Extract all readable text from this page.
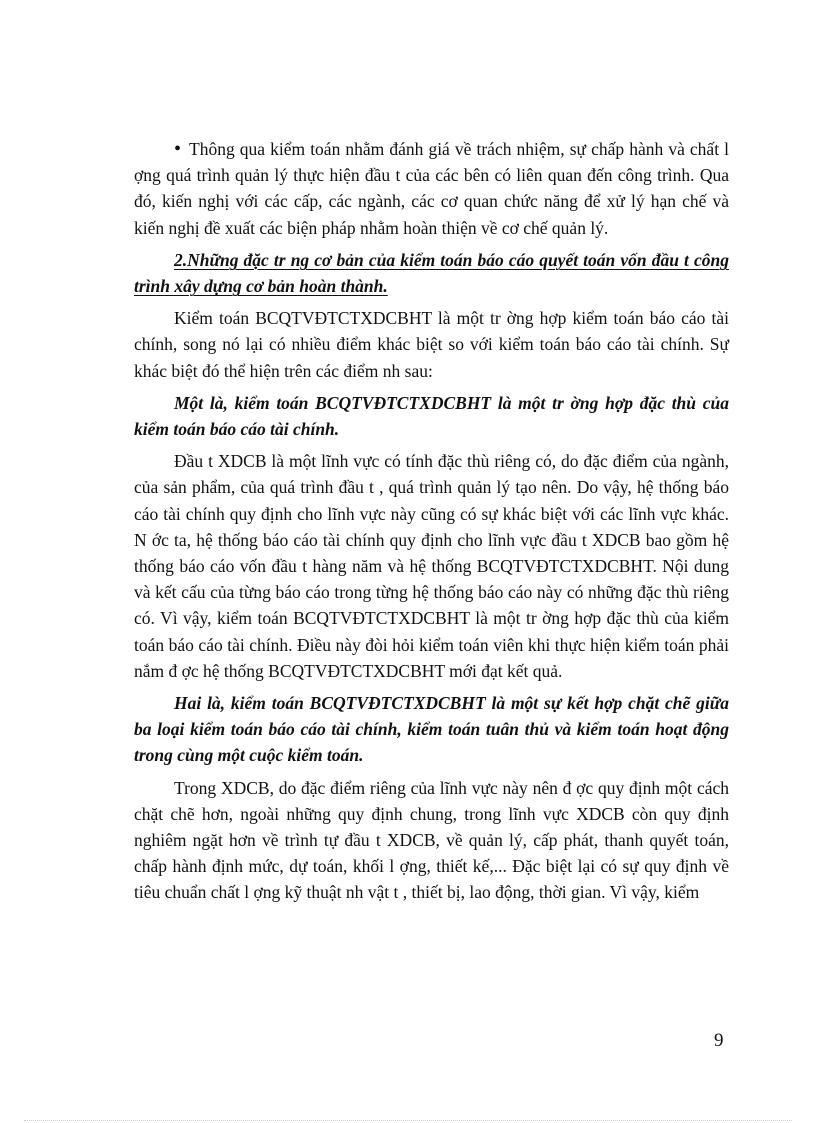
• Thông qua kiểm toán nhằm đánh giá về trách nhiệm, sự chấp hành và chất l ợng quá trình quản lý thực hiện đầu t của các bên có liên quan đến công trình. Qua đó, kiến nghị với các cấp, các ngành, các cơ quan chức năng để xử lý hạn chế và kiến nghị đề xuất các biện pháp nhằm hoàn thiện về cơ chế quản lý.

2.Những đặc tr ng cơ bản của kiểm toán báo cáo quyết toán vốn đầu t công trình xây dựng cơ bản hoàn thành.

Kiểm toán BCQTVĐTCTXDCBHT là một tr ờng hợp kiểm toán báo cáo tài chính, song nó lại có nhiều điểm khác biệt so với kiểm toán báo cáo tài chính. Sự khác biệt đó thể hiện trên các điểm nh sau:

Một là, kiểm toán BCQTVĐTCTXDCBHT là một tr ờng hợp đặc thù của kiểm toán báo cáo tài chính.

Đầu t XDCB là một lĩnh vực có tính đặc thù riêng có, do đặc điểm của ngành, của sản phẩm, của quá trình đầu t , quá trình quản lý tạo nên. Do vậy, hệ thống báo cáo tài chính quy định cho lĩnh vực này cũng có sự khác biệt với các lĩnh vực khác. N ớc ta, hệ thống báo cáo tài chính quy định cho lĩnh vực đầu t XDCB bao gồm hệ thống báo cáo vốn đầu t hàng năm và hệ thống BCQTVĐTCTXDCBHT. Nội dung và kết cấu của từng báo cáo trong từng hệ thống báo cáo này có những đặc thù riêng có. Vì vậy, kiểm toán BCQTVĐTCTXDCBHT là một tr ờng hợp đặc thù của kiểm toán báo cáo tài chính. Điều này đòi hỏi kiểm toán viên khi thực hiện kiểm toán phải nắm đ ợc hệ thống BCQTVĐTCTXDCBHT mới đạt kết quả.

Hai là, kiểm toán BCQTVĐTCTXDCBHT là một sự kết hợp chặt chẽ giữa ba loại kiểm toán báo cáo tài chính, kiểm toán tuân thủ và kiểm toán hoạt động trong cùng một cuộc kiểm toán.

Trong XDCB, do đặc điểm riêng của lĩnh vực này nên đ ợc quy định một cách chặt chẽ hơn, ngoài những quy định chung, trong lĩnh vực XDCB còn quy định nghiêm ngặt hơn về trình tự đầu t XDCB, về quản lý, cấp phát, thanh quyết toán, chấp hành định mức, dự toán, khối l ợng, thiết kế,... Đặc biệt lại có sự quy định về tiêu chuẩn chất l ợng kỹ thuật nh vật t , thiết bị, lao động, thời gian. Vì vậy, kiểm

9
